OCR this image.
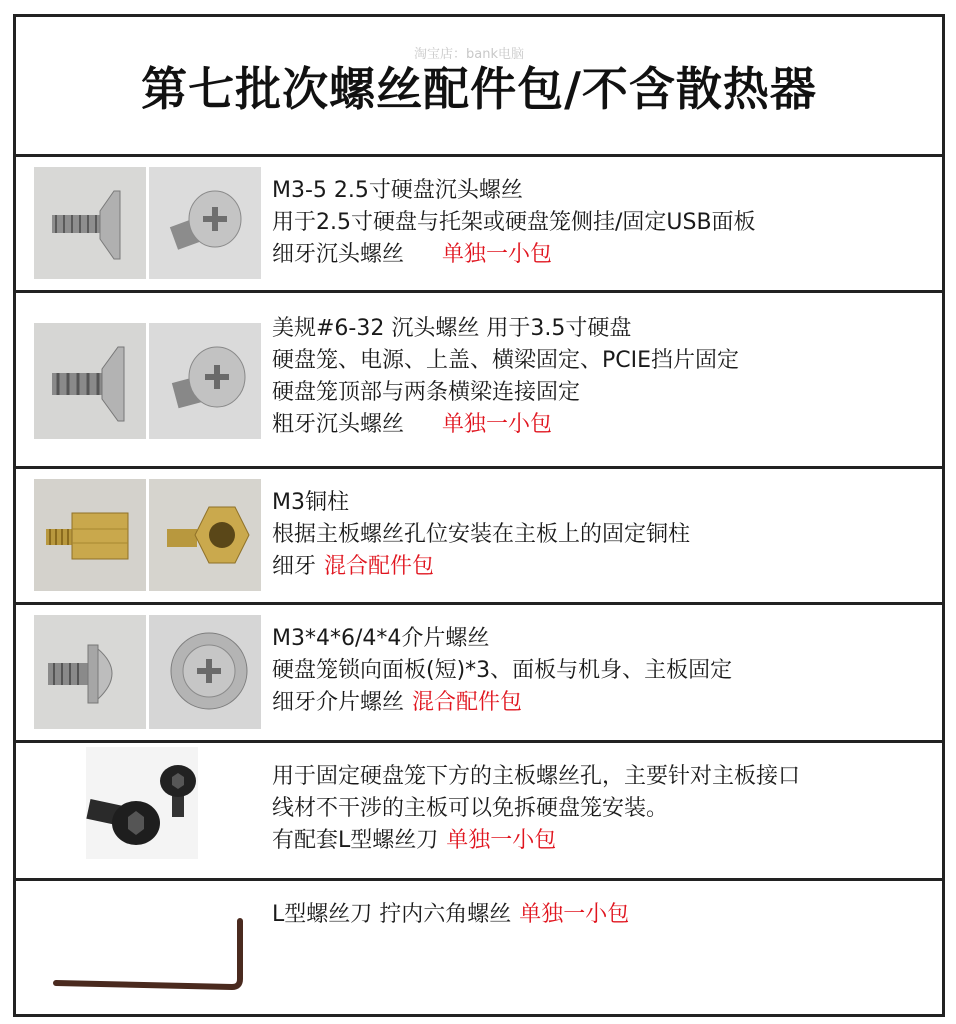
淘宝店：bank电脑
第七批次螺丝配件包/不含散热器
M3-5 2.5寸硬盘沉头螺丝
用于2.5寸硬盘与托架或硬盘笼侧挂/固定USB面板
细牙沉头螺丝 单独一小包
美规#6-32 沉头螺丝 用于3.5寸硬盘
硬盘笼、电源、上盖、横梁固定、PCIE挡片固定
硬盘笼顶部与两条横梁连接固定
粗牙沉头螺丝 单独一小包
M3铜柱
根据主板螺丝孔位安装在主板上的固定铜柱
细牙 混合配件包
M3*4*6/4*4介片螺丝
硬盘笼锁向面板(短)*3、面板与机身、主板固定
细牙介片螺丝 混合配件包
用于固定硬盘笼下方的主板螺丝孔，主要针对主板接口
线材不干涉的主板可以免拆硬盘笼安装。
有配套L型螺丝刀 单独一小包
L型螺丝刀 拧内六角螺丝 单独一小包
